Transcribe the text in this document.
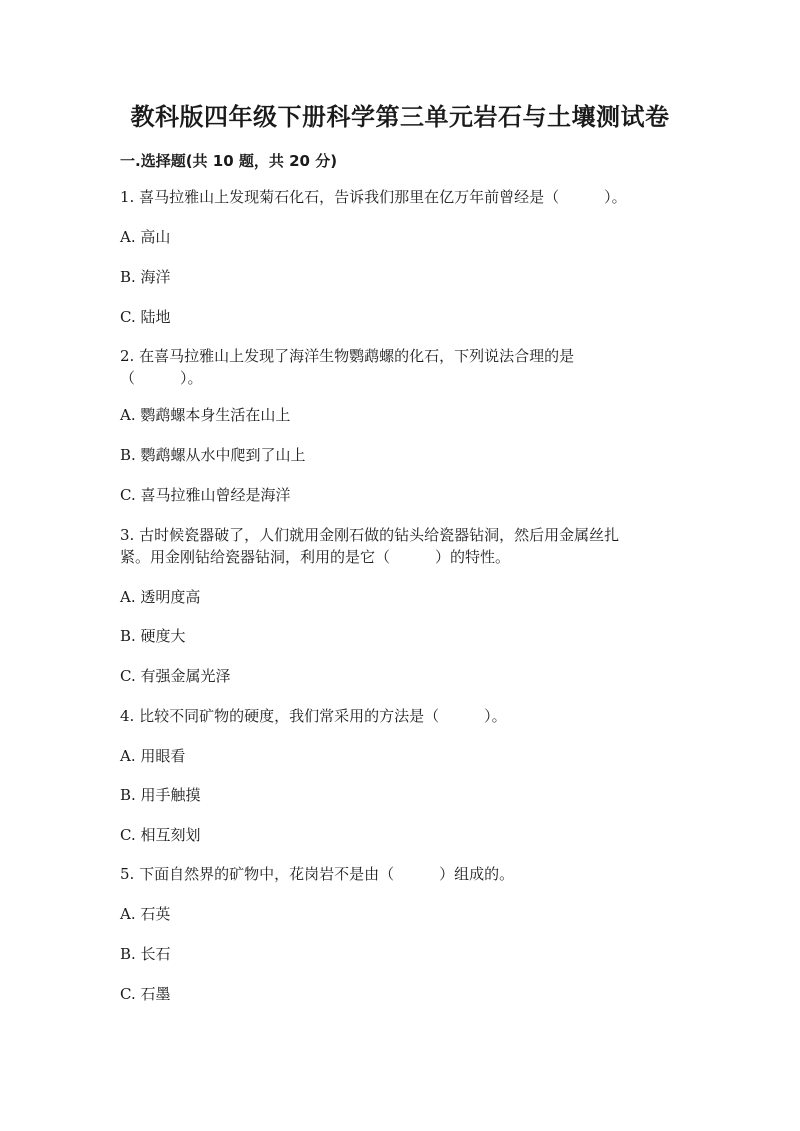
教科版四年级下册科学第三单元岩石与土壤测试卷
一.选择题(共 10 题，共 20 分)
1. 喜马拉雅山上发现菊石化石，告诉我们那里在亿万年前曾经是（　　　）。
A. 高山
B. 海洋
C. 陆地
2. 在喜马拉雅山上发现了海洋生物鹦鹉螺的化石，下列说法合理的是
（　　　）。
A. 鹦鹉螺本身生活在山上
B. 鹦鹉螺从水中爬到了山上
C. 喜马拉雅山曾经是海洋
3. 古时候瓷器破了，人们就用金刚石做的钻头给瓷器钻洞，然后用金属丝扎
紧。用金刚钻给瓷器钻洞，利用的是它（　　　）的特性。
A. 透明度高
B. 硬度大
C. 有强金属光泽
4. 比较不同矿物的硬度，我们常采用的方法是（　　　）。
A. 用眼看
B. 用手触摸
C. 相互刻划
5. 下面自然界的矿物中，花岗岩不是由（　　　）组成的。
A. 石英
B. 长石
C. 石墨
